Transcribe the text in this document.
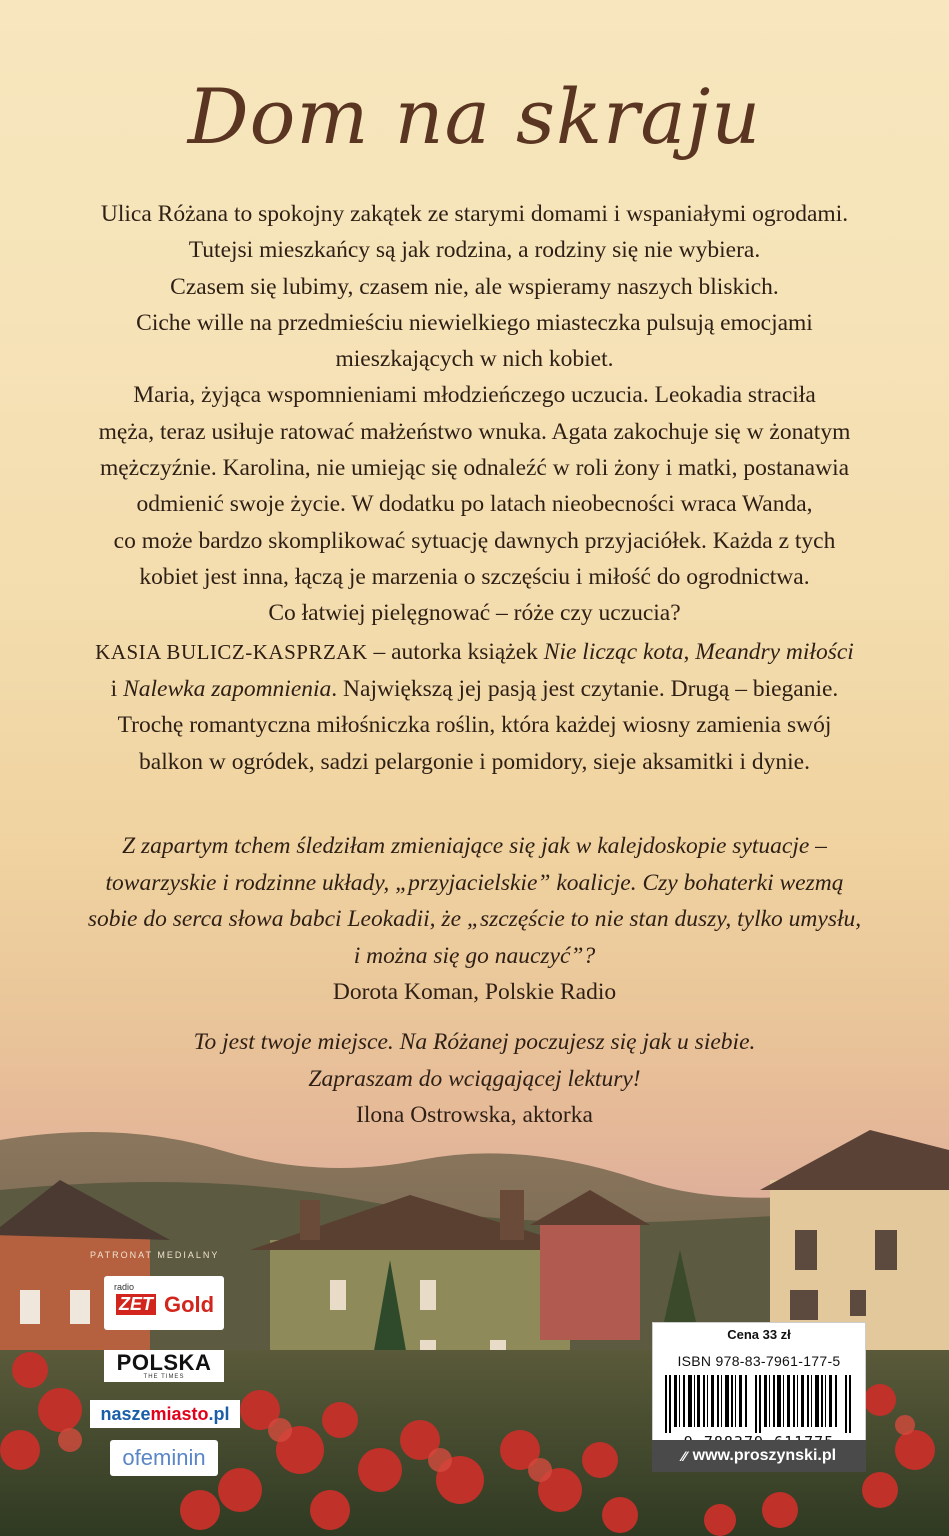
Dom na skraju
Ulica Różana to spokojny zakątek ze starymi domami i wspaniałymi ogrodami.
Tutejsi mieszkańcy są jak rodzina, a rodziny się nie wybiera.
Czasem się lubimy, czasem nie, ale wspieramy naszych bliskich.
Ciche wille na przedmieściu niewielkiego miasteczka pulsują emocjami
mieszkających w nich kobiet.
Maria, żyjąca wspomnieniami młodzieńczego uczucia. Leokadia straciła
męża, teraz usiłuje ratować małżeństwo wnuka. Agata zakochuje się w żonatym
mężczyźnie. Karolina, nie umiejąc się odnaleźć w roli żony i matki, postanawia
odmienić swoje życie. W dodatku po latach nieobecności wraca Wanda,
co może bardzo skomplikować sytuację dawnych przyjaciółek. Każda z tych
kobiet jest inna, łączą je marzenia o szczęściu i miłość do ogrodnictwa.
Co łatwiej pielęgnować – róże czy uczucia?
KASIA BULICZ-KASPRZAK – autorka książek Nie licząc kota, Meandry miłości
i Nalewka zapomnienia. Największą jej pasją jest czytanie. Drugą – bieganie.
Trochę romantyczna miłośniczka roślin, która każdej wiosny zamienia swój
balkon w ogródek, sadzi pelargonie i pomidory, sieje aksamitki i dynie.
Z zapartym tchem śledziłam zmieniające się jak w kalejdoskopie sytuacje –
towarzyskie i rodzinne układy, „przyjacielskie” koalicje. Czy bohaterki wezmą
sobie do serca słowa babci Leokadii, że „szczęście to nie stan duszy, tylko umysłu,
i można się go nauczyć”?
Dorota Koman, Polskie Radio
To jest twoje miejsce. Na Różanej poczujesz się jak u siebie.
Zapraszam do wciągającej lektury!
Ilona Ostrowska, aktorka
PATRONAT MEDIALNY
radio
ZET Gold
POLSKA
THE TIMES
nasze miasto .pl
ofeminin
Cena 33 zł
ISBN 978-83-7961-177-5
⁄⁄ www.proszynski.pl
